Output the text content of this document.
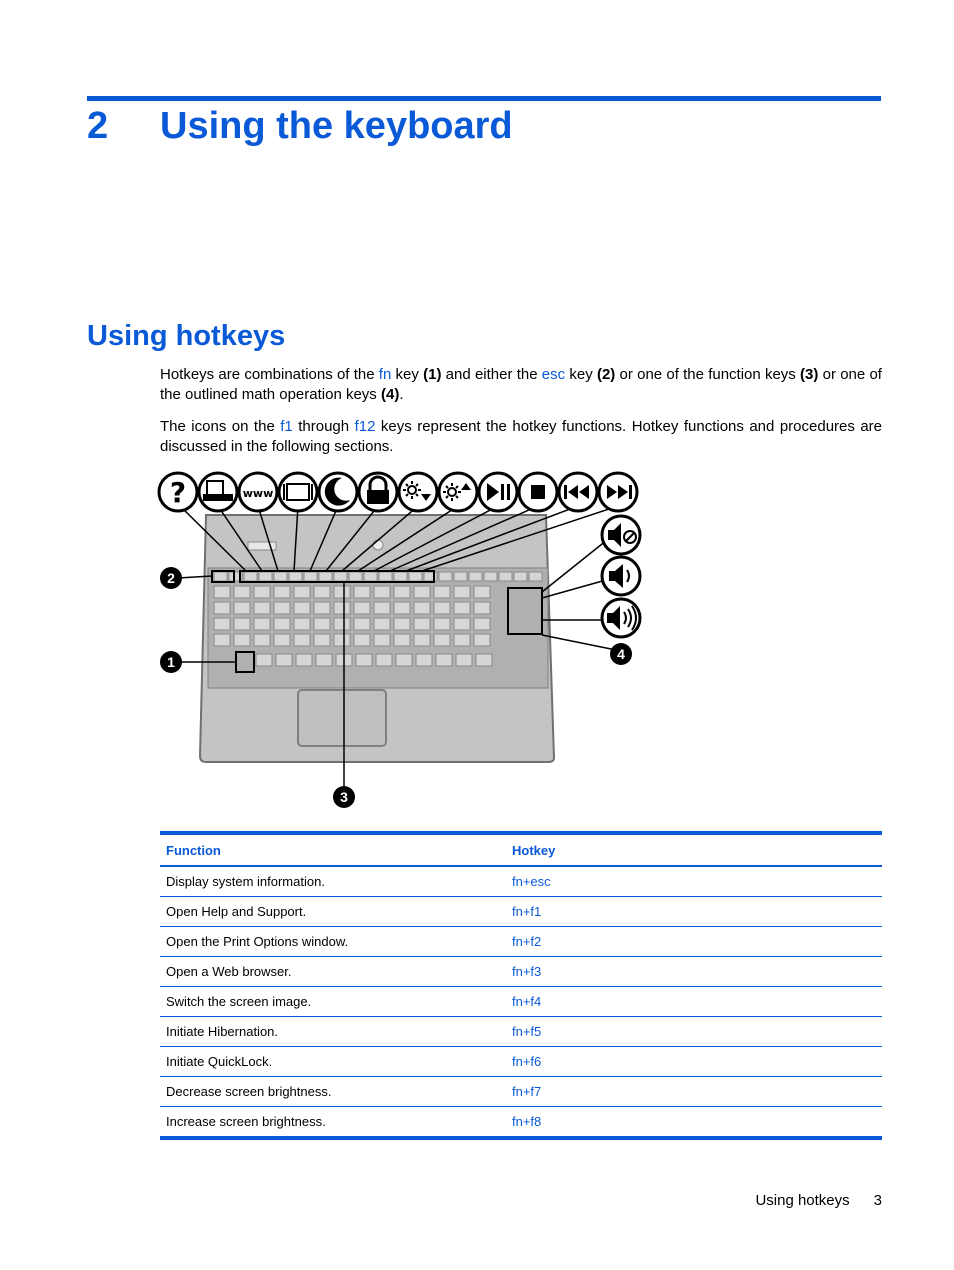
2 Using the keyboard
Using hotkeys
Hotkeys are combinations of the fn key (1) and either the esc key (2) or one of the function keys (3) or one of the outlined math operation keys (4).
The icons on the f1 through f12 keys represent the hotkey functions. Hotkey functions and procedures are discussed in the following sections.
?	www
1
2
3
4
Function	Hotkey
Display system information.	fn+esc
Open Help and Support.	fn+f1
Open the Print Options window.	fn+f2
Open a Web browser.	fn+f3
Switch the screen image.	fn+f4
Initiate Hibernation.	fn+f5
Initiate QuickLock.	fn+f6
Decrease screen brightness.	fn+f7
Increase screen brightness.	fn+f8
Using hotkeys 3
